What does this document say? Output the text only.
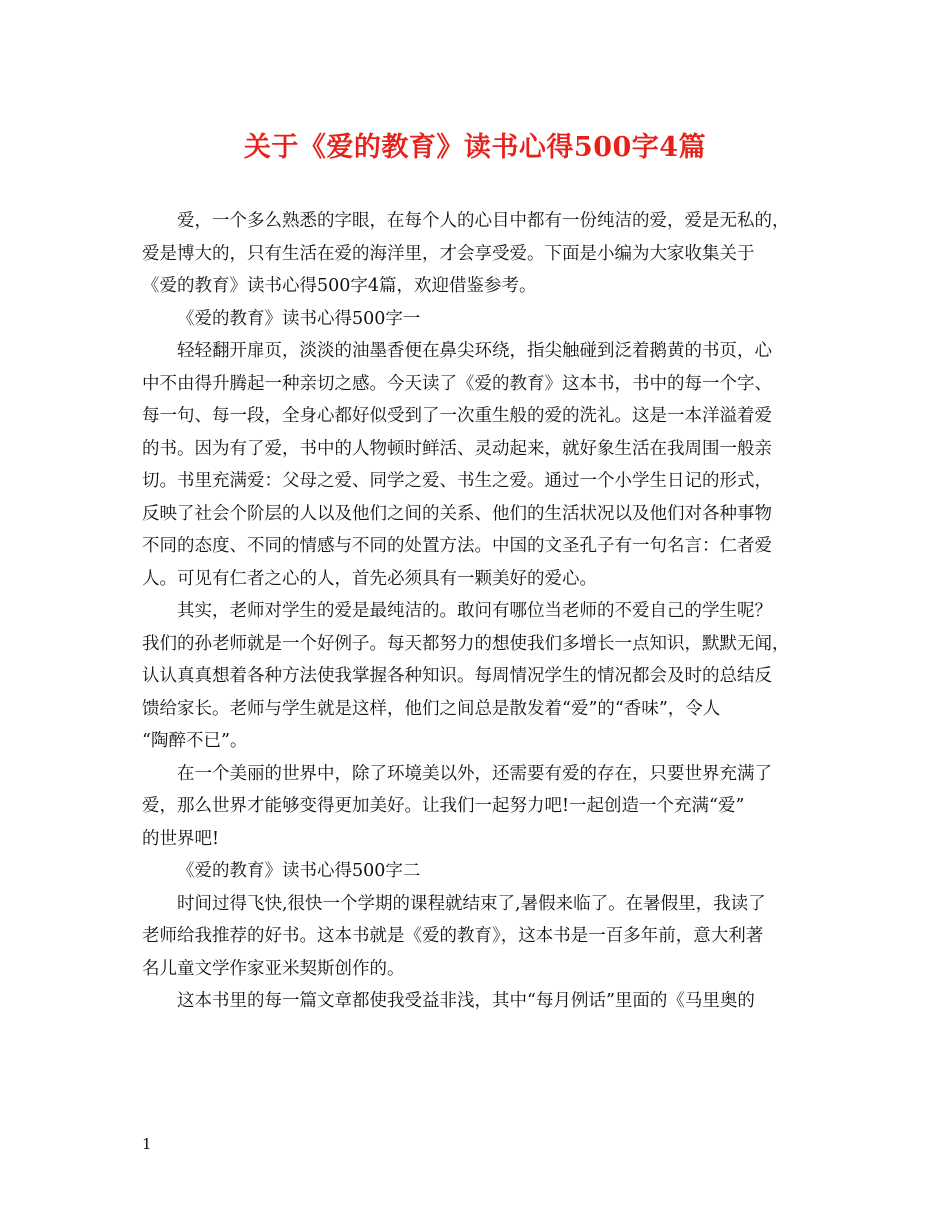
关于《爱的教育》读书心得500字4篇
爱，一个多么熟悉的字眼，在每个人的心目中都有一份纯洁的爱，爱是无私的，
爱是博大的，只有生活在爱的海洋里，才会享受爱。下面是小编为大家收集关于
《爱的教育》读书心得500字4篇，欢迎借鉴参考。
《爱的教育》读书心得500字一
轻轻翻开扉页，淡淡的油墨香便在鼻尖环绕，指尖触碰到泛着鹅黄的书页，心
中不由得升腾起一种亲切之感。今天读了《爱的教育》这本书，书中的每一个字、
每一句、每一段，全身心都好似受到了一次重生般的爱的洗礼。这是一本洋溢着爱
的书。因为有了爱，书中的人物顿时鲜活、灵动起来，就好象生活在我周围一般亲
切。书里充满爱：父母之爱、同学之爱、书生之爱。通过一个小学生日记的形式，
反映了社会个阶层的人以及他们之间的关系、他们的生活状况以及他们对各种事物
不同的态度、不同的情感与不同的处置方法。中国的文圣孔子有一句名言：仁者爱
人。可见有仁者之心的人，首先必须具有一颗美好的爱心。
其实，老师对学生的爱是最纯洁的。敢问有哪位当老师的不爱自己的学生呢？
我们的孙老师就是一个好例子。每天都努力的想使我们多增长一点知识，默默无闻，
认认真真想着各种方法使我掌握各种知识。每周情况学生的情况都会及时的总结反
馈给家长。老师与学生就是这样，他们之间总是散发着“爱”的“香味”，令人
“陶醉不已”。
在一个美丽的世界中，除了环境美以外，还需要有爱的存在，只要世界充满了
爱，那么世界才能够变得更加美好。让我们一起努力吧!一起创造一个充满“爱”
的世界吧!
《爱的教育》读书心得500字二
时间过得飞快,很快一个学期的课程就结束了,暑假来临了。在暑假里，我读了
老师给我推荐的好书。这本书就是《爱的教育》，这本书是一百多年前，意大利著
名儿童文学作家亚米契斯创作的。
这本书里的每一篇文章都使我受益非浅，其中“每月例话”里面的《马里奥的
1
